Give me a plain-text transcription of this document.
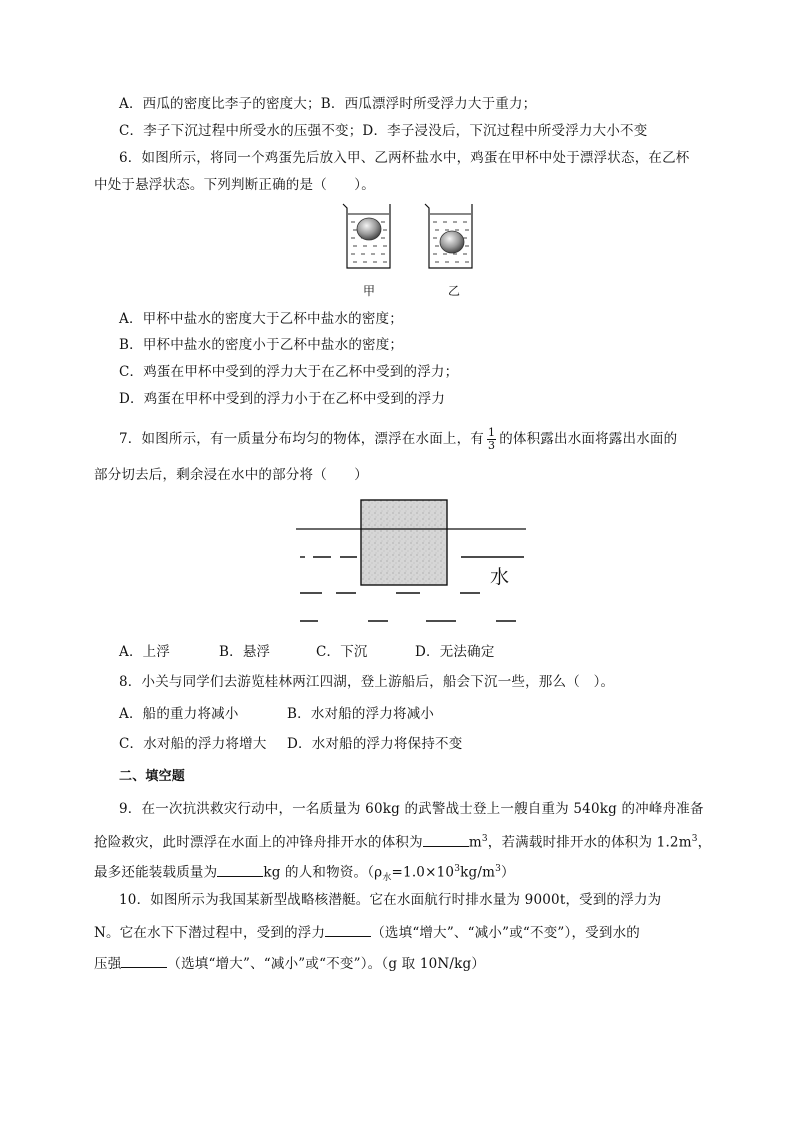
A．西瓜的密度比李子的密度大；B．西瓜漂浮时所受浮力大于重力；
C．李子下沉过程中所受水的压强不变；D．李子浸没后，下沉过程中所受浮力大小不变
6．如图所示，将同一个鸡蛋先后放入甲、乙两杯盐水中，鸡蛋在甲杯中处于漂浮状态，在乙杯
中处于悬浮状态。下列判断正确的是（　　）。
甲	乙
A．甲杯中盐水的密度大于乙杯中盐水的密度；
B．甲杯中盐水的密度小于乙杯中盐水的密度；
C．鸡蛋在甲杯中受到的浮力大于在乙杯中受到的浮力；
D．鸡蛋在甲杯中受到的浮力小于在乙杯中受到的浮力
7．如图所示，有一质量分布均匀的物体，漂浮在水面上，有 $\frac{1}{3}$ 的体积露出水面将露出水面的
部分切去后，剩余浸在水中的部分将（　　）
水
A．上浮	B．悬浮	C．下沉	D．无法确定
8．小关与同学们去游览桂林两江四湖，登上游船后，船会下沉一些，那么（　）。
A．船的重力将减小	B．水对船的浮力将减小
C．水对船的浮力将增大 D．水对船的浮力将保持不变
二、填空题
9．在一次抗洪救灾行动中，一名质量为 60kg 的武警战士登上一艘自重为 540kg 的冲峰舟准备
抢险救灾，此时漂浮在水面上的冲锋舟排开水的体积为	$m^3$，若满载时排开水的体积为 $1.2m^3$，
最多还能装载质量为	kg 的人和物资。$(\rho_水=1.0\times 10^3kg/m^3)$
10．如图所示为我国某新型战略核潜艇。它在水面航行时排水量为 9000t，受到的浮力为
N。它在水下下潜过程中，受到的浮力	（选填“增大”、“减小”或“不变”），受到水的
压强	（选填“增大”、“减小”或“不变”）。（g 取 10N/kg）
